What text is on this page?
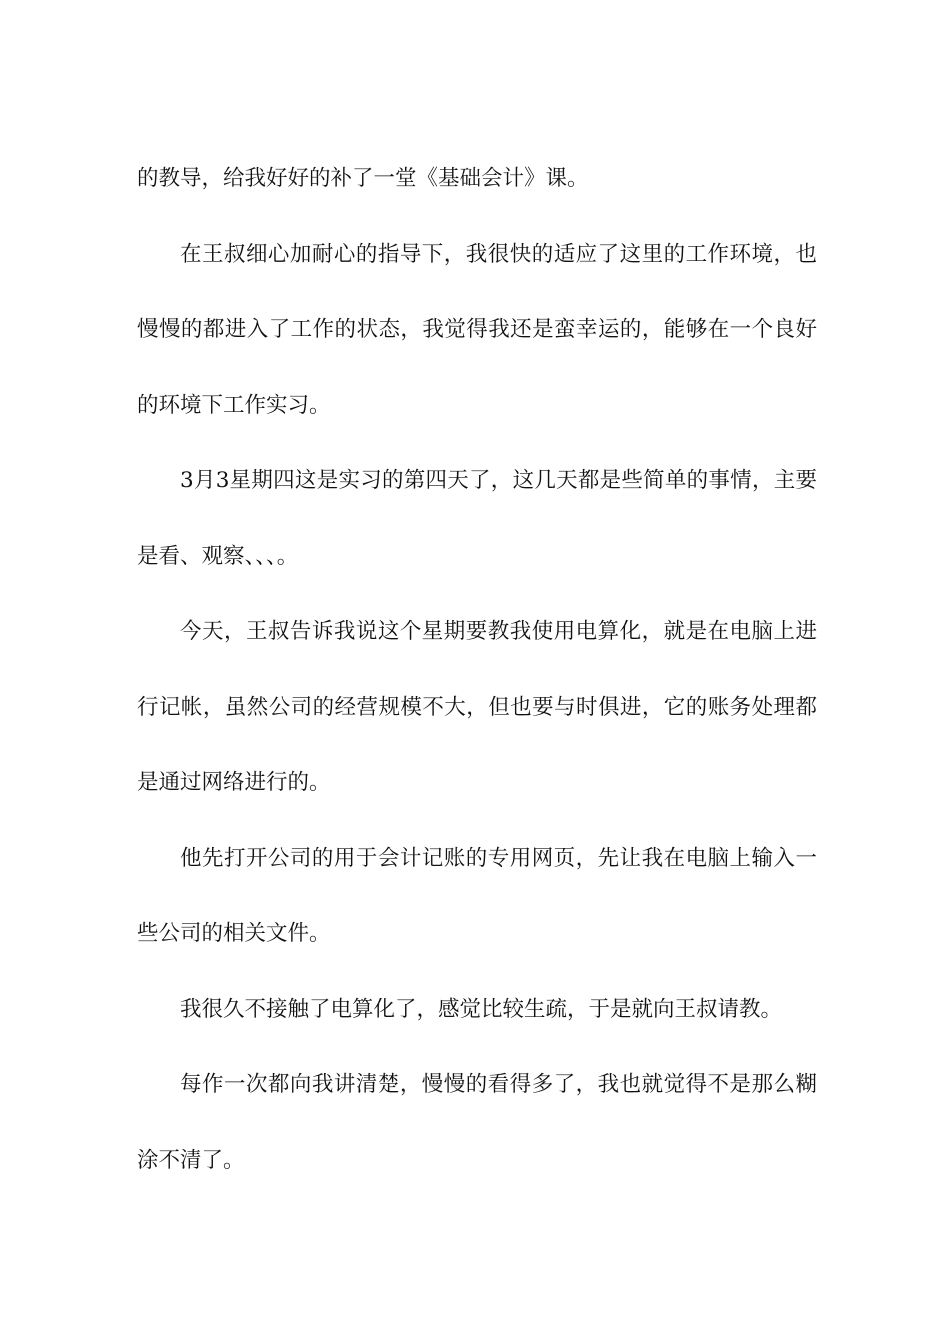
的教导，给我好好的补了一堂《基础会计》课。

在王叔细心加耐心的指导下，我很快的适应了这里的工作环境，也慢慢的都进入了工作的状态，我觉得我还是蛮幸运的，能够在一个良好的环境下工作实习。

3月3星期四这是实习的第四天了，这几天都是些简单的事情，主要是看、观察、、、。

今天，王叔告诉我说这个星期要教我使用电算化，就是在电脑上进行记帐，虽然公司的经营规模不大，但也要与时俱进，它的账务处理都是通过网络进行的。

他先打开公司的用于会计记账的专用网页，先让我在电脑上输入一些公司的相关文件。

我很久不接触了电算化了，感觉比较生疏，于是就向王叔请教。

每作一次都向我讲清楚，慢慢的看得多了，我也就觉得不是那么糊涂不清了。
